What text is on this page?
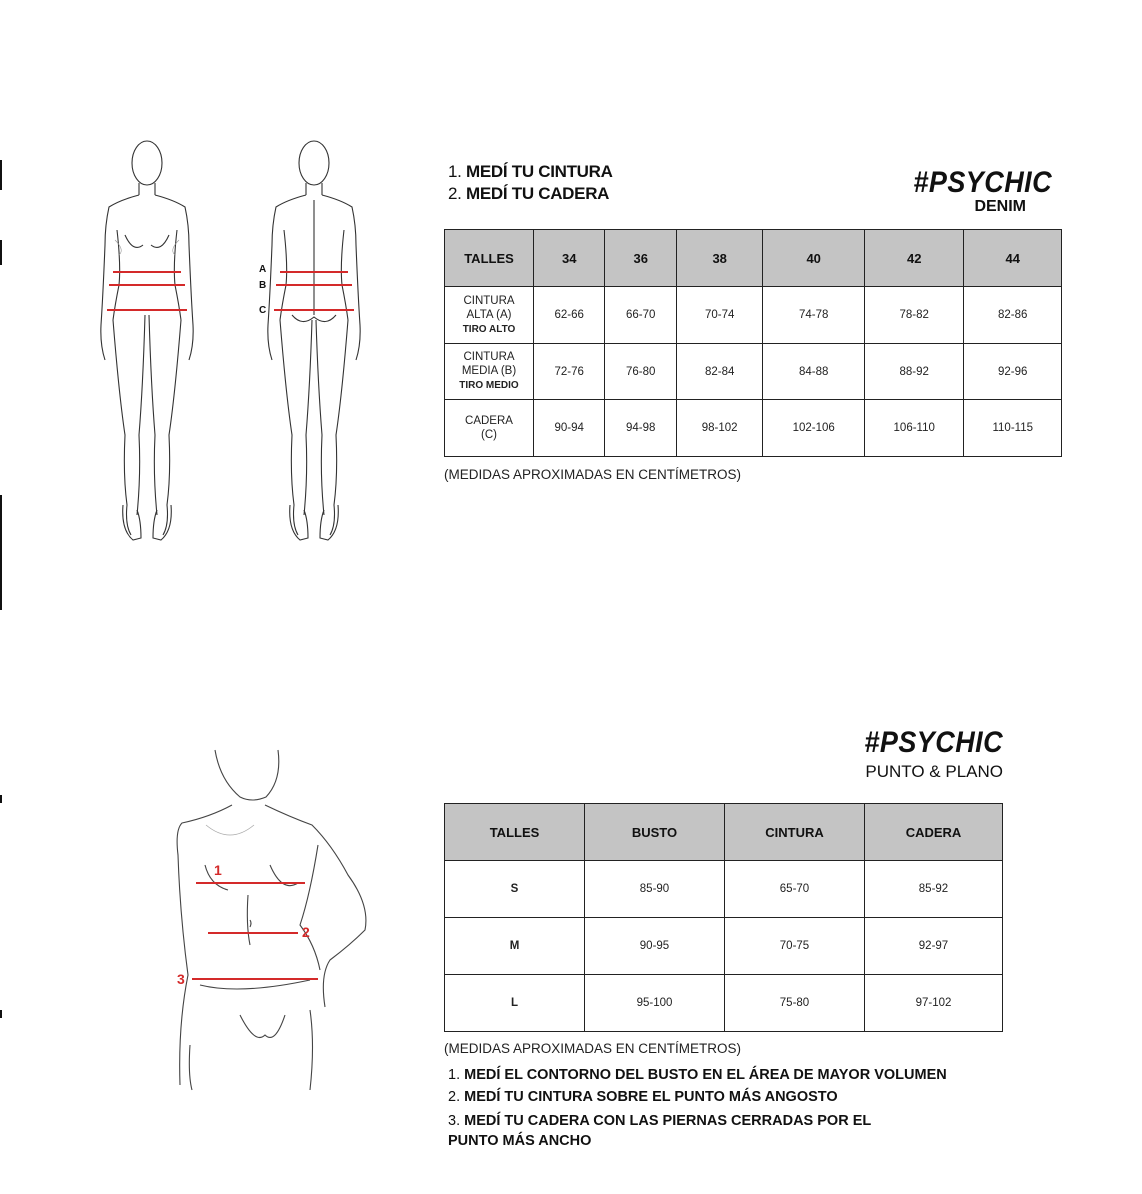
A
B
C
1. MEDÍ TU CINTURA
2. MEDÍ TU CADERA	#PSYCHIC
DENIM
TALLES	34	36	38	40	42	44
CINTURA
ALTA (A)
TIRO ALTO	62-66	66-70	70-74	74-78	78-82	82-86
CINTURA
MEDIA (B)
TIRO MEDIO	72-76	76-80	82-84	84-88	88-92	92-96
CADERA
(C)	90-94	94-98	98-102	102-106	106-110	110-115
(MEDIDAS APROXIMADAS EN CENTÍMETROS)
1
2
3
#PSYCHIC
PUNTO & PLANO
TALLES	BUSTO	CINTURA	CADERA
S	85-90	65-70	85-92
M	90-95	70-75	92-97
L	95-100	75-80	97-102
(MEDIDAS APROXIMADAS EN CENTÍMETROS)
1. MEDÍ EL CONTORNO DEL BUSTO EN EL ÁREA DE MAYOR VOLUMEN
2. MEDÍ TU CINTURA SOBRE EL PUNTO MÁS ANGOSTO
3. MEDÍ TU CADERA CON LAS PIERNAS CERRADAS POR EL
PUNTO MÁS ANCHO
